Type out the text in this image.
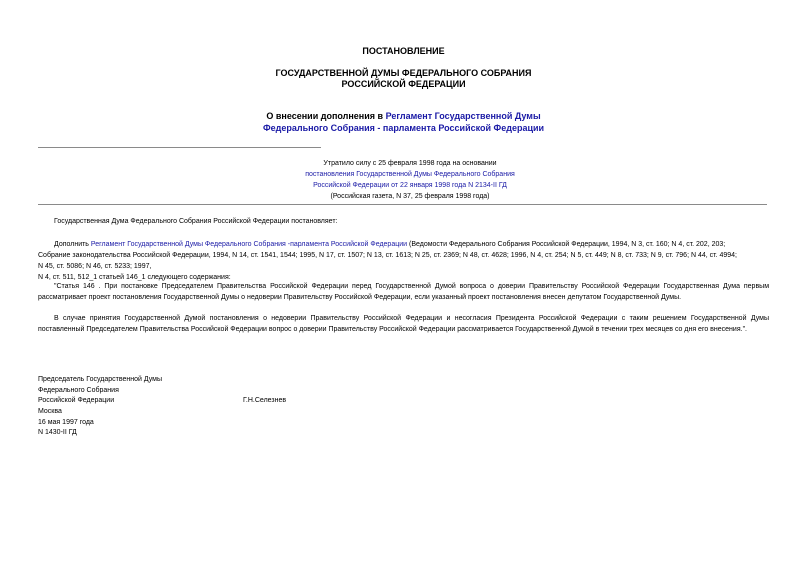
ПОСТАНОВЛЕНИЕ
ГОСУДАРСТВЕННОЙ ДУМЫ ФЕДЕРАЛЬНОГО СОБРАНИЯ
РОССИЙСКОЙ ФЕДЕРАЦИИ
О внесении дополнения в Регламент Государственной Думы
Федерального Собрания - парламента Российской Федерации
Утратило силу с 25 февраля 1998 года на основании
постановления Государственной Думы Федерального Собрания
Российской Федерации от 22 января 1998 года N 2134-II ГД
(Российская газета, N 37, 25 февраля 1998 года)
Государственная Дума Федерального Собрания Российской Федерации постановляет:
Дополнить Регламент Государственной Думы Федерального Собрания -парламента Российской Федерации (Ведомости Федерального Собрания Российской Федерации, 1994, N 3, ст. 160; N 4, ст. 202, 203;
Собрание законодательства Российской Федерации, 1994, N 14, ст. 1541, 1544; 1995, N 17, ст. 1507; N 13, ст. 1613; N 25, ст. 2369; N 48, ст. 4628; 1996, N 4, ст. 254; N 5, ст. 449; N 8, ст. 733; N 9, ст. 796; N 44, ст. 4994;
N 45, ст. 5086; N 46, ст. 5233; 1997,
N 4, ст. 511, 512_1 статьей 146_1 следующего содержания:
"Статья 146 . При постановке Председателем Правительства Российской Федерации перед Государственной Думой вопроса о доверии Правительству Российской Федерации Государственная Дума первым рассматривает проект постановления Государственной Думы о недоверии Правительству Российской Федерации, если указанный проект постановления внесен депутатом Государственной Думы.
В случае принятия Государственной Думой постановления о недоверии Правительству Российской Федерации и несогласия Президента Российской Федерации с таким решением Государственной Думы поставленный Председателем Правительства Российской Федерации вопрос о доверии Правительству Российской Федерации рассматривается Государственной Думой в течении трех месяцев со дня его внесения.".
Председатель Государственной Думы
Федерального Собрания
Российской Федерации	Г.Н.Селезнев
Москва
16 мая 1997 года
N 1430-II ГД
